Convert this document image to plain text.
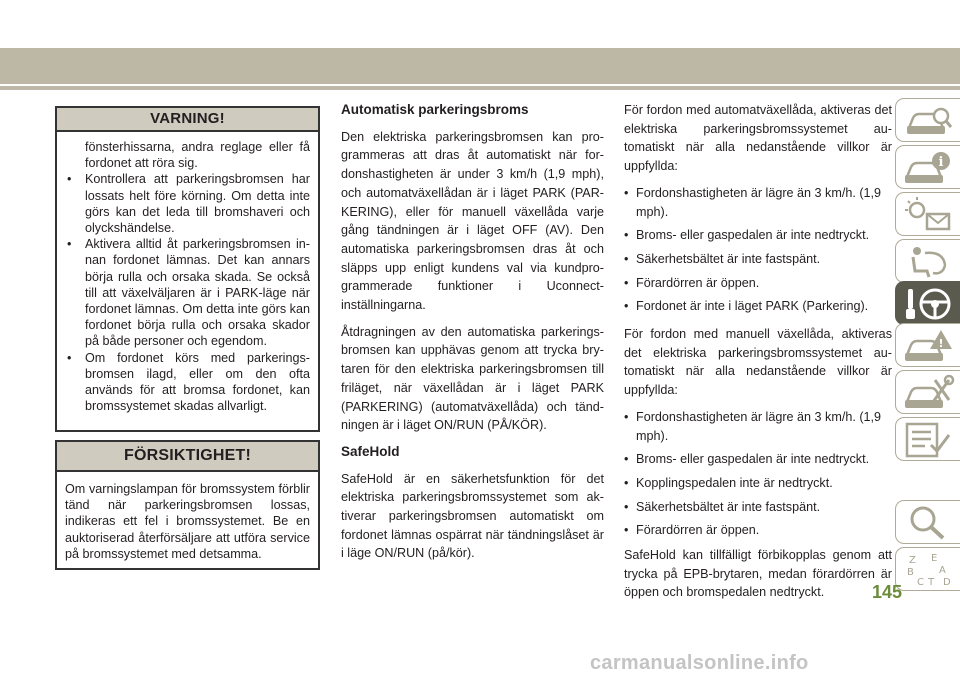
VARNING!
fönsterhissarna, andra reglage eller få fordonet att röra sig.
• Kontrollera att parkeringsbromsen har lossats helt före körning. Om detta inte görs kan det leda till bromshaveri och olyckshändelse.
• Aktivera alltid åt parkeringsbromsen innan fordonet lämnas. Det kan annars börja rulla och orsaka skada. Se också till att växelväljaren är i PARK-läge när fordonet lämnas. Om detta inte görs kan fordonet börja rulla och orsaka skador på både personer och egendom.
• Om fordonet körs med parkeringsbromsen ilagd, eller om den ofta används för att bromsa fordonet, kan bromssystemet skadas allvarligt.
FÖRSIKTIGHET!
Om varningslampan för bromssystem förblir tänd när parkeringsbromsen lossas, indikeras ett fel i bromssystemet. Be en auktoriserad återförsäljare att utföra service på bromssystemet med detsamma.
Automatisk parkeringsbroms

Den elektriska parkeringsbromsen kan programmeras att dras åt automatiskt när fordonshastigheten är under 3 km/h (1,9 mph), och automatväxellådan är i läget PARK (PARKERING), eller för manuell växellåda varje gång tändningen är i läget OFF (AV). Den automatiska parkeringsbromsen dras åt och släpps upp enligt kundens val via kundprogrammerade funktioner i Uconnect-inställningarna.

Åtdragningen av den automatiska parkeringsbromsen kan upphävas genom att trycka brytaren för den elektriska parkeringsbromsen till friläget, när växellådan är i läget PARK (PARKERING) (automatväxellåda) och tändningen är i läget ON/RUN (PÅ/KÖR).

SafeHold

SafeHold är en säkerhetsfunktion för det elektriska parkeringsbromssystemet som aktiverar parkeringsbromsen automatiskt om fordonet lämnas ospärrat när tändningslåset är i läge ON/RUN (på/kör).

För fordon med automatväxellåda, aktiveras det elektriska parkeringsbromssystemet automatiskt när alla nedanstående villkor är uppfyllda:

• Fordonshastigheten är lägre än 3 km/h. (1,9 mph).
• Broms- eller gaspedalen är inte nedtryckt.
• Säkerhetsbältet är inte fastspänt.
• Förardörren är öppen.
• Fordonet är inte i läget PARK (Parkering).

För fordon med manuell växellåda, aktiveras det elektriska parkeringsbromssystemet automatiskt när alla nedanstående villkor är uppfyllda:

• Fordonshastigheten är lägre än 3 km/h. (1,9 mph).
• Broms- eller gaspedalen är inte nedtryckt.
• Kopplingspedalen inte är nedtryckt.
• Säkerhetsbältet är inte fastspänt.
• Förardörren är öppen.

SafeHold kan tillfälligt förbikopplas genom att trycka på EPB-brytaren, medan förardörren är öppen och bromspedalen nedtryckt.

i
!
Z E
B	A
C D
T
145
carmanualsonline.info
